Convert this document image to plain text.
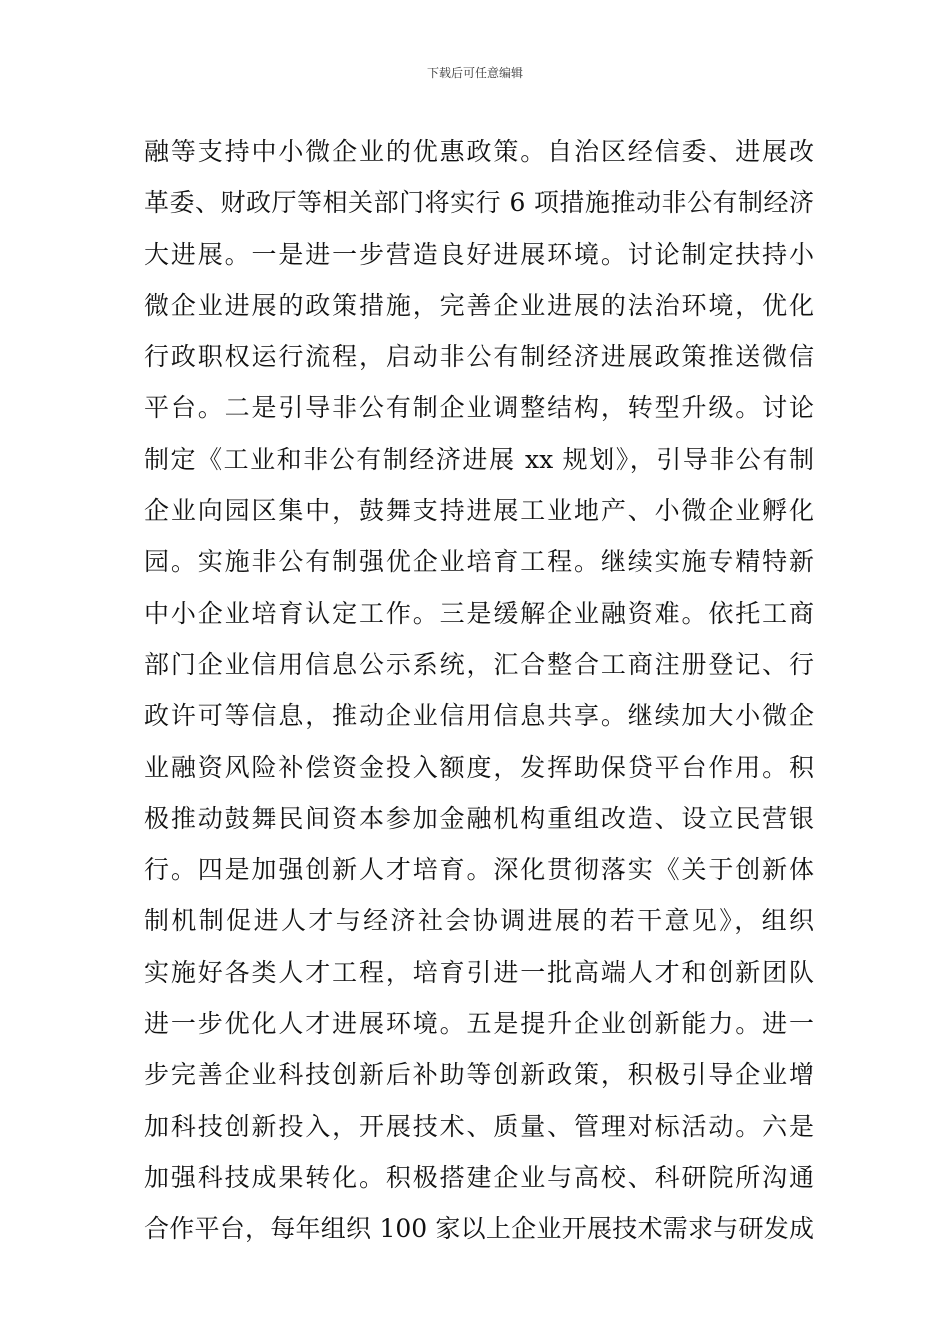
下载后可任意编辑
融等支持中小微企业的优惠政策。自治区经信委、进展改
革委、财政厅等相关部门将实行 6 项措施推动非公有制经济
大进展。一是进一步营造良好进展环境。讨论制定扶持小
微企业进展的政策措施，完善企业进展的法治环境，优化
行政职权运行流程，启动非公有制经济进展政策推送微信
平台。二是引导非公有制企业调整结构，转型升级。讨论
制定《工业和非公有制经济进展 xx 规划》，引导非公有制
企业向园区集中，鼓舞支持进展工业地产、小微企业孵化
园。实施非公有制强优企业培育工程。继续实施专精特新
中小企业培育认定工作。三是缓解企业融资难。依托工商
部门企业信用信息公示系统，汇合整合工商注册登记、行
政许可等信息，推动企业信用信息共享。继续加大小微企
业融资风险补偿资金投入额度，发挥助保贷平台作用。积
极推动鼓舞民间资本参加金融机构重组改造、设立民营银
行。四是加强创新人才培育。深化贯彻落实《关于创新体
制机制促进人才与经济社会协调进展的若干意见》，组织
实施好各类人才工程，培育引进一批高端人才和创新团队
进一步优化人才进展环境。五是提升企业创新能力。进一
步完善企业科技创新后补助等创新政策，积极引导企业增
加科技创新投入，开展技术、质量、管理对标活动。六是
加强科技成果转化。积极搭建企业与高校、科研院所沟通
合作平台，每年组织 100 家以上企业开展技术需求与研发成
